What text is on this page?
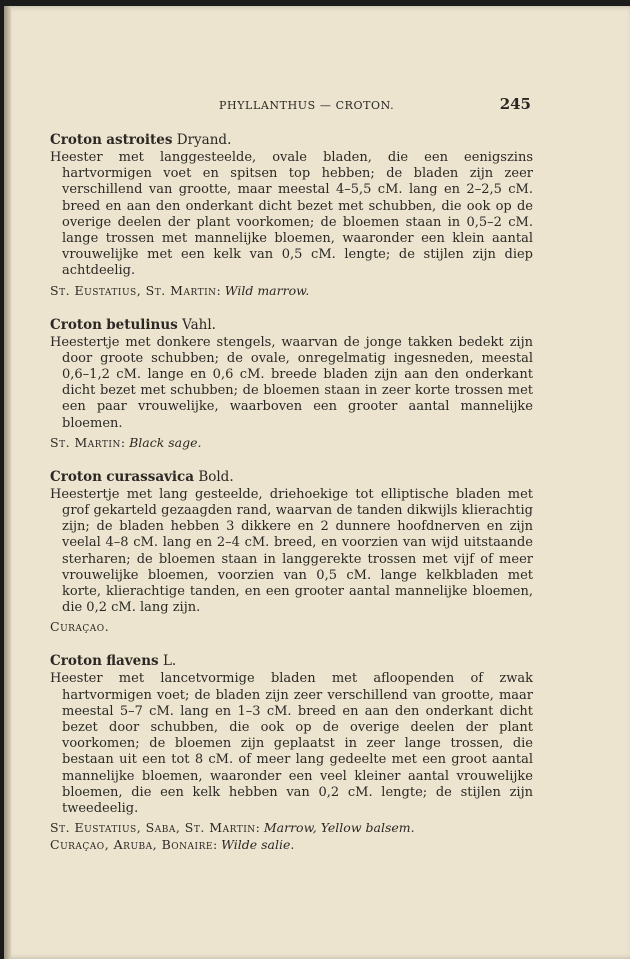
PHYLLANTHUS — CROTON.	245

Croton astroites Dryand.

Heester met langgesteelde, ovale bladen, die een eenigszins hartvormigen voet en spitsen top hebben; de bladen zijn zeer verschillend van grootte, maar meestal 4–5,5 cM. lang en 2–2,5 cM. breed en aan den onderkant dicht bezet met schubben, die ook op de overige deelen der plant voorkomen; de bloemen staan in 0,5–2 cM. lange trossen met mannelijke bloemen, waaronder een klein aantal vrouwelijke met een kelk van 0,5 cM. lengte; de stijlen zijn diep achtdeelig.

St. Eustatius, St. Martin: Wild marrow.

Croton betulinus Vahl.

Heestertje met donkere stengels, waarvan de jonge takken bedekt zijn door groote schubben; de ovale, onregelmatig ingesneden, meestal 0,6–1,2 cM. lange en 0,6 cM. breede bladen zijn aan den onderkant dicht bezet met schubben; de bloemen staan in zeer korte trossen met een paar vrouwelijke, waarboven een grooter aantal mannelijke bloemen.

St. Martin: Black sage.

Croton curassavica Bold.

Heestertje met lang gesteelde, driehoekige tot elliptische bladen met grof gekarteld gezaagden rand, waarvan de tanden dikwijls klierachtig zijn; de bladen hebben 3 dikkere en 2 dunnere hoofdnerven en zijn veelal 4–8 cM. lang en 2–4 cM. breed, en voorzien van wijd uitstaande sterharen; de bloemen staan in langgerekte trossen met vijf of meer vrouwelijke bloemen, voorzien van 0,5 cM. lange kelkbladen met korte, klierachtige tanden, en een grooter aantal mannelijke bloemen, die 0,2 cM. lang zijn.

Curaçao.

Croton flavens L.

Heester met lancetvormige bladen met afloopenden of zwak hartvormigen voet; de bladen zijn zeer verschillend van grootte, maar meestal 5–7 cM. lang en 1–3 cM. breed en aan den onderkant dicht bezet door schubben, die ook op de overige deelen der plant voorkomen; de bloemen zijn geplaatst in zeer lange trossen, die bestaan uit een tot 8 cM. of meer lang gedeelte met een groot aantal mannelijke bloemen, waaronder een veel kleiner aantal vrouwelijke bloemen, die een kelk hebben van 0,2 cM. lengte; de stijlen zijn tweedeelig.

St. Eustatius, Saba, St. Martin: Marrow, Yellow balsem.

Curaçao, Aruba, Bonaire: Wilde salie.
